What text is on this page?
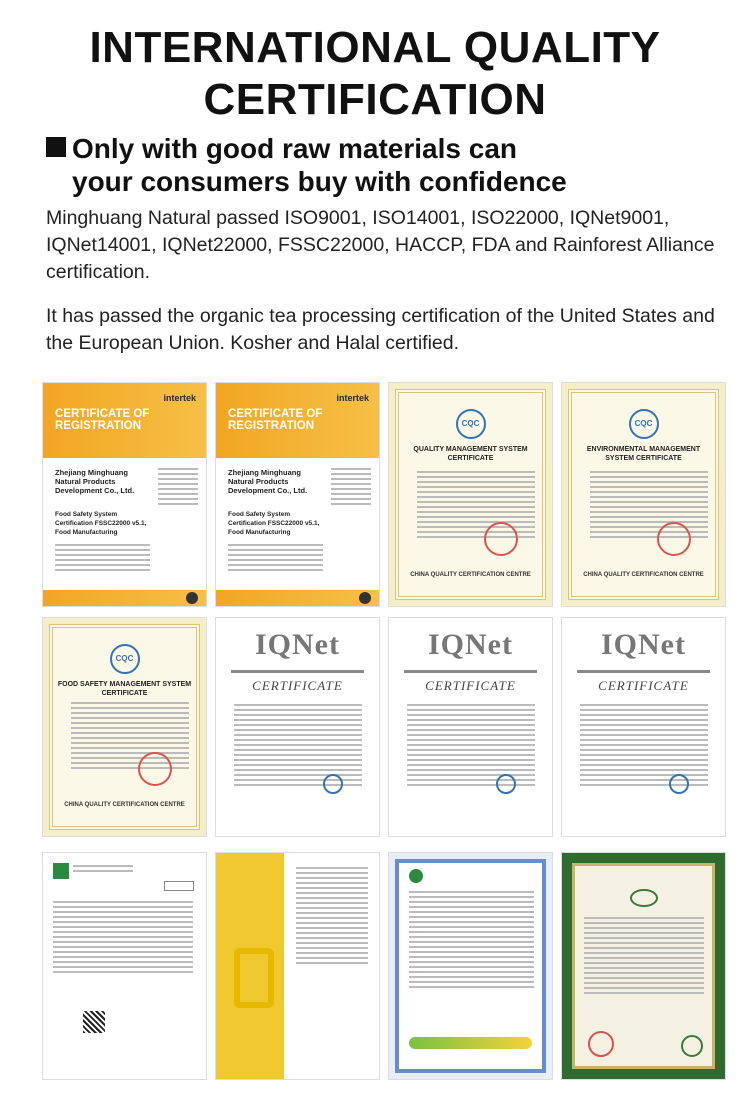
INTERNATIONAL QUALITY
CERTIFICATION
Only with good raw materials can
your consumers buy with confidence

Minghuang Natural passed ISO9001, ISO14001, ISO22000, IQNet9001, IQNet14001, IQNet22000, FSSC22000, HACCP, FDA and Rainforest Alliance certification.

It has passed the organic tea processing certification of the United States and the European Union. Kosher and Halal certified.

intertek
CERTIFICATE OF REGISTRATION
Zhejiang Minghuang Natural Products Development Co., Ltd.
Food Safety System Certification FSSC22000 v5.1, Food Manufacturing
intertek
CERTIFICATE OF REGISTRATION
Zhejiang Minghuang Natural Products Development Co., Ltd.
Food Safety System Certification FSSC22000 v5.1, Food Manufacturing
CQC
QUALITY MANAGEMENT SYSTEM CERTIFICATE
CHINA QUALITY CERTIFICATION CENTRE
CQC
ENVIRONMENTAL MANAGEMENT SYSTEM CERTIFICATE
CHINA QUALITY CERTIFICATION CENTRE
CQC
FOOD SAFETY MANAGEMENT SYSTEM CERTIFICATE
CHINA QUALITY CERTIFICATION CENTRE
IQNet
CERTIFICATE
IQNet
CERTIFICATE
IQNet
CERTIFICATE
